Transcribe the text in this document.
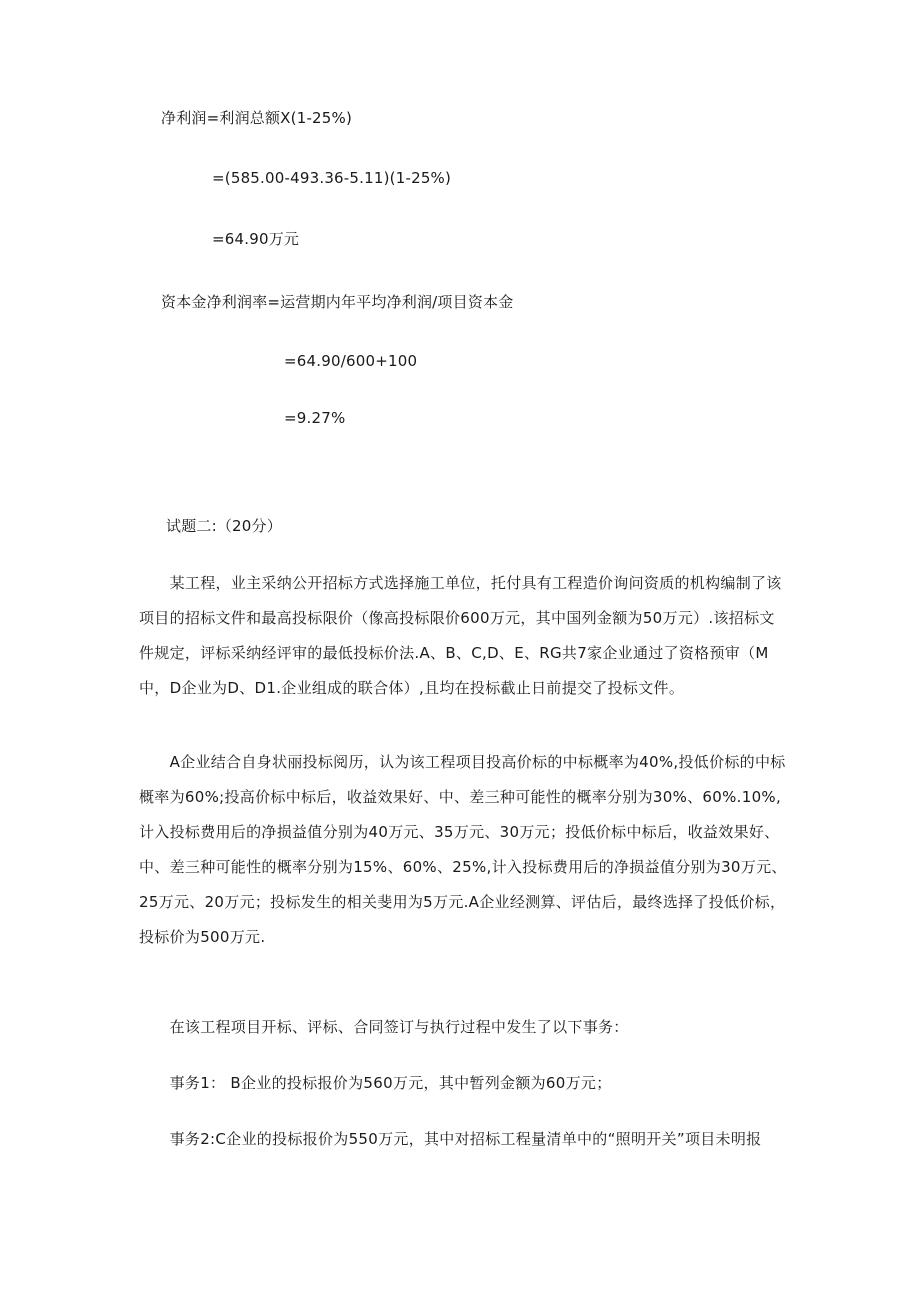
净利润=利润总额X(1-25%)
=(585.00-493.36-5.11)(1-25%)
=64.90万元
资本金净利润率=运营期内年平均净利润/项目资本金
=64.90/600+100
=9.27%
试题二:（20分）

　　某工程，业主采纳公开招标方式选择施工单位，托付具有工程造价询问资质的机构编制了该项目的招标文件和最高投标限价（像高投标限价600万元，其中国列金额为50万元）.该招标文件规定，评标采纳经评审的最低投标价法.A、B、C,D、E、RG共7家企业通过了资格预审（M中，D企业为D、D1.企业组成的联合体）,且均在投标截止日前提交了投标文件。

　　A企业结合自身状丽投标阅历，认为该工程项目投高价标的中标概率为40%,投低价标的中标概率为60%;投高价标中标后，收益效果好、中、差三种可能性的概率分别为30%、60%.10%,计入投标费用后的净损益值分别为40万元、35万元、30万元；投低价标中标后，收益效果好、中、差三种可能性的概率分别为15%、60%、25%,计入投标费用后的净损益值分别为30万元、25万元、20万元；投标发生的相关斐用为5万元.A企业经测算、评估后，最终选择了投低价标，投标价为500万元.

　　在该工程项目开标、评标、合同签订与执行过程中发生了以下事务：

　　事务1： B企业的投标报价为560万元，其中暂列金额为60万元；

　　事务2:C企业的投标报价为550万元，其中对招标工程量清单中的“照明开关”项目未明报
